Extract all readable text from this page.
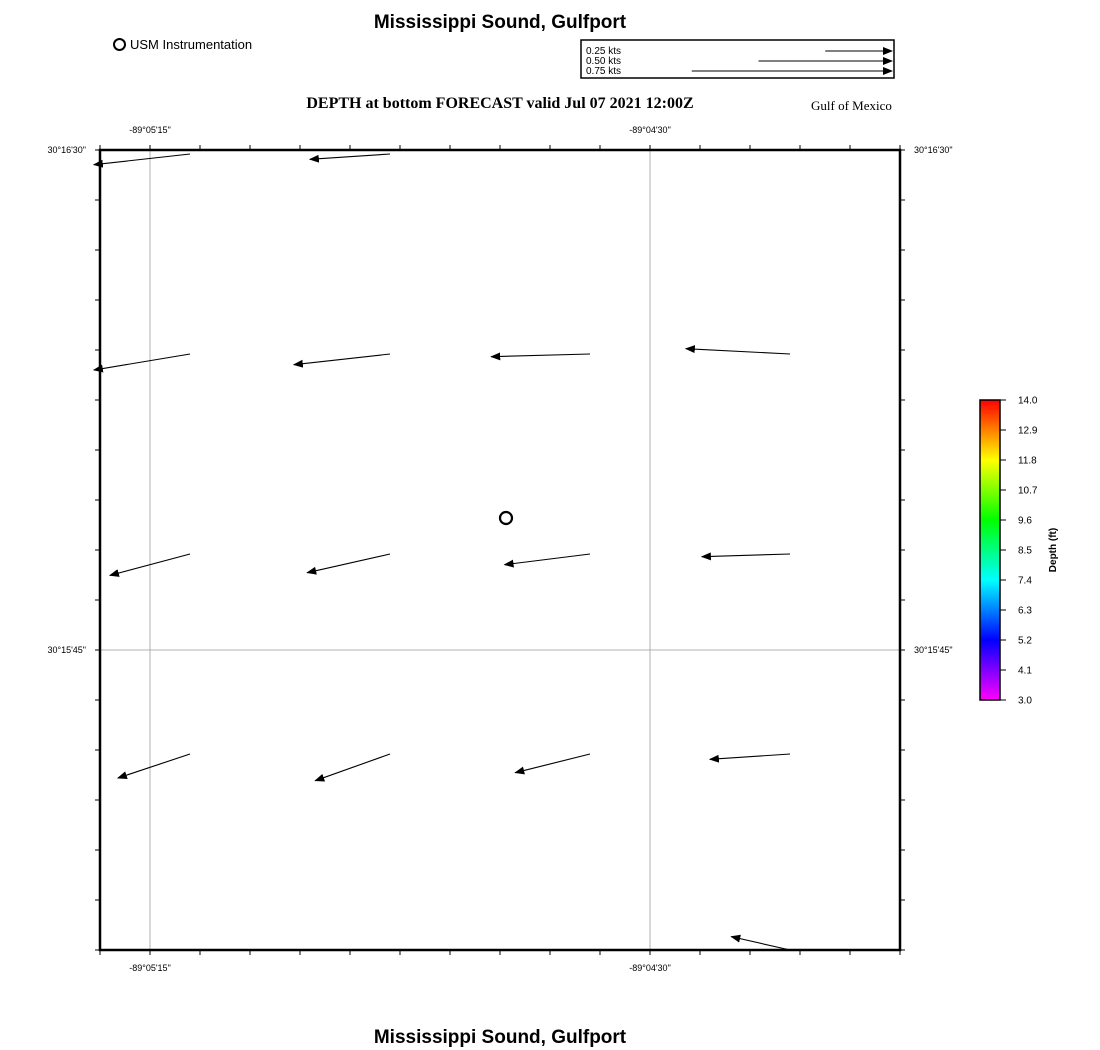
Mississippi Sound, Gulfport
USM Instrumentation
DEPTH at bottom FORECAST valid Jul 07 2021 12:00Z	Gulf of Mexico
0.25 kts
0.50 kts
0.75 kts
-89°05'15"
-89°05'15"
-89°04'30"
-89°04'30"
30°16'30"	30°16'30"
30°15'45"	30°15'45"
14.0
12.9
11.8
10.7
9.6
8.5
7.4
6.3
5.2
4.1
3.0
Depth (ft)
Mississippi Sound, Gulfport
